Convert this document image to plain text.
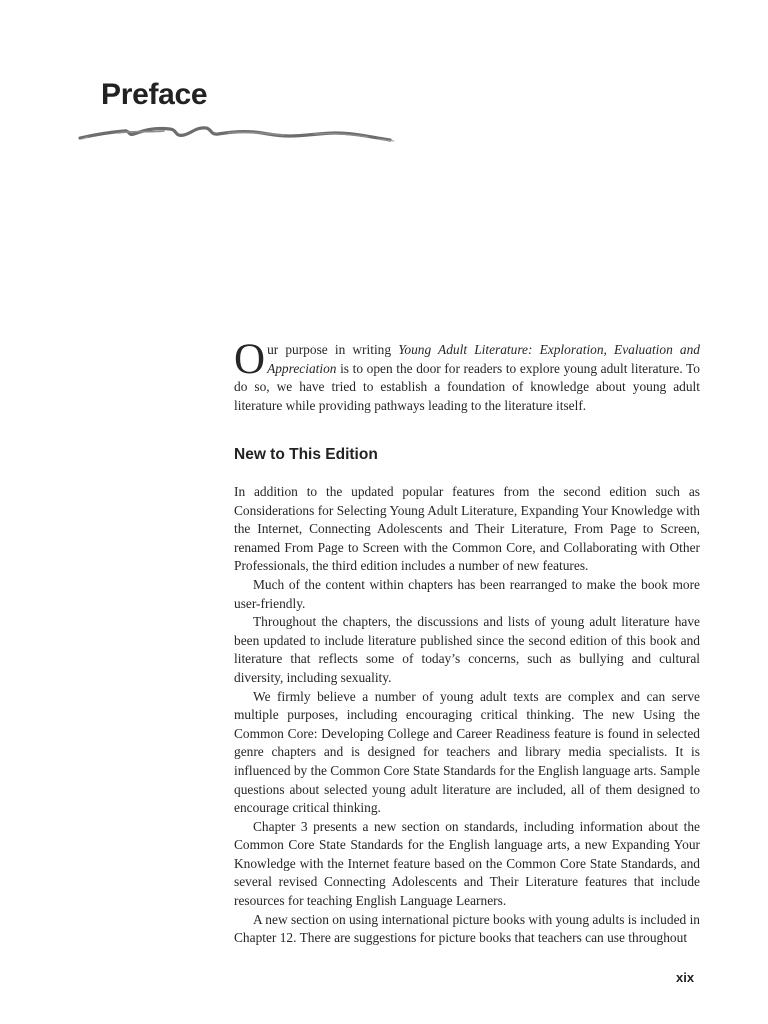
Preface

Our purpose in writing Young Adult Literature: Exploration, Evaluation and Appreciation is to open the door for readers to explore young adult literature. To do so, we have tried to establish a foundation of knowledge about young adult literature while providing pathways leading to the literature itself.

New to This Edition

In addition to the updated popular features from the second edition such as Considerations for Selecting Young Adult Literature, Expanding Your Knowledge with the Internet, Connecting Adolescents and Their Literature, From Page to Screen, renamed From Page to Screen with the Common Core, and Collaborating with Other Professionals, the third edition includes a number of new features.

Much of the content within chapters has been rearranged to make the book more user-friendly.

Throughout the chapters, the discussions and lists of young adult literature have been updated to include literature published since the second edition of this book and literature that reflects some of today’s concerns, such as bullying and cultural diversity, including sexuality.

We firmly believe a number of young adult texts are complex and can serve multiple purposes, including encouraging critical thinking. The new Using the Common Core: Developing College and Career Readiness feature is found in selected genre chapters and is designed for teachers and library media specialists. It is influenced by the Common Core State Standards for the English language arts. Sample questions about selected young adult literature are included, all of them designed to encourage critical thinking.

Chapter 3 presents a new section on standards, including information about the Common Core State Standards for the English language arts, a new Expanding Your Knowledge with the Internet feature based on the Common Core State Standards, and several revised Connecting Adolescents and Their Literature features that include resources for teaching English Language Learners.

A new section on using international picture books with young adults is included in Chapter 12. There are suggestions for picture books that teachers can use throughout

xix
